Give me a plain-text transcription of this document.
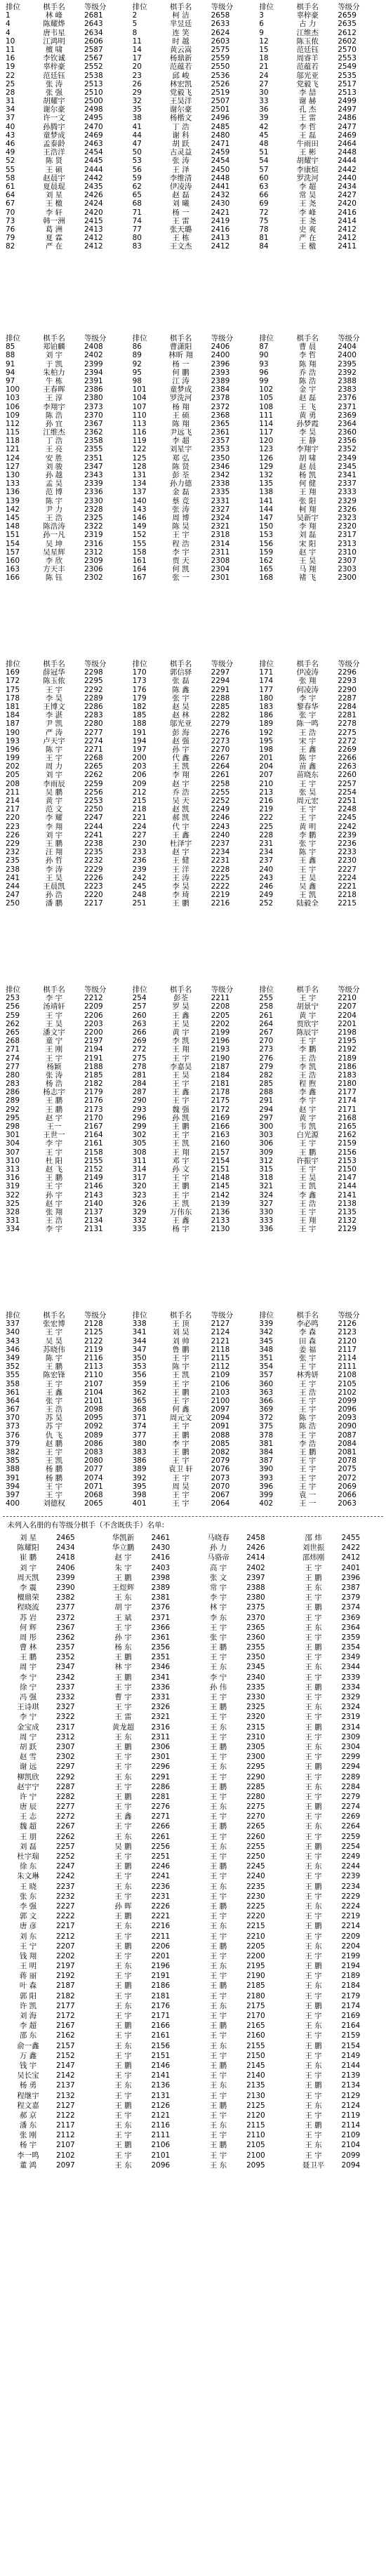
排位	棋手名	等级分
1	林 峰	2681
4	陈耀烨	2643
4	唐韦星	2634
10	江鸿明	2606
11	檀 啸	2587
16	李钦诚	2567
19	辜梓豪	2552
22	范廷钰	2538
25	张 涛	2513
28	张 强	2510
31	胡耀宇	2500
34	谢尔豪	2498
37	许一文	2495
40	孙腾宇	2470
43	童梦成	2469
46	孟泰龄	2463
49	王浩洋	2454
52	陈 贤	2445
55	王 硕	2444
58	赵晨宇	2442
61	夏晨琨	2435
64	刘 星	2426
67	王 檄	2424
70	李 轩	2420
73	韩一洲	2415
76	葛 洲	2413
79	夏 霖	2412
82	严 在	2412
排位	棋手名	等级分
2	柯 洁	2658
5	芈昱廷	2633
8	连 笑	2624
11	时 越	2603
14	黄云嵩	2575
17	杨鼎新	2559
20	范蕴若	2550
23	邱 峻	2536
26	林宏凯	2526
29	党毅飞	2519
32	王昊洋	2507
35	谢尔豪	2501
38	杨楷文	2496
41	丁 浩	2485
44	谢 科	2480
47	胡 跃	2471
50	古灵益	2459
53	张 涛	2454
56	王 泽	2450
59	李维清	2448
62	伊凌涛	2441
65	赵 磊	2432
68	刘 曦	2430
71	杨 一	2421
74	王 雷	2419
77	张天璐	2416
80	王 栋	2413
83	王文杰	2412
排位	棋手名	等级分
3	辜梓豪	2659
6	古 力	2635
9	江维杰	2612
12	陈玉侬	2602
15	范廷钰	2570
18	周睿羊	2553
21	范蕴若	2549
24	邬光亚	2535
27	党毅飞	2517
30	李 喆	2513
33	谢 赫	2499
36	孔 杰	2497
39	王 雷	2486
42	李 哲	2477
45	王 磊	2469
48	牛雨田	2464
51	王 彬	2448
54	胡耀宇	2444
57	李康煊	2442
60	罗洗河	2440
63	李 超	2434
66	常 昊	2427
69	王 尧	2420
72	李 峰	2416
75	王 尧	2414
78	史 爽	2412
81	严 在	2412
84	王 檄	2411
排位	棋手名	等级分
85	郑铂麟	2408
88	刘 宇	2402
91	于 凯	2399
94	朱柏力	2394
97	牛 栋	2391
100	王春晖	2386
103	王 淳	2380
106	李翔宇	2373
109	陈 浩	2370
112	孙 宜	2367
115	江维杰	2362
118	丁 浩	2358
121	王 亮	2355
124	安 胜	2351
127	刘 骏	2347
130	孙 越	2343
133	孟 昊	2339
136	范 博	2336
139	陈 宇	2330
142	尹 力	2328
145	王 浩	2325
148	陈浩涛	2322
151	孙一凡	2319
154	吴 坤	2316
157	吴星辉	2312
160	李 欣	2309
163	方天丰	2306
166	陈 钰	2302
排位	棋手名	等级分
86	曹潇阳	2406
89	林昕 翔	2400
92	杨 一	2396
95	何 鹏	2393
98	江 涛	2389
101	童梦成	2384
104	罗洗河	2378
107	杨 翔	2372
110	王 硕	2368
113	陈 翔	2365
116	尹远飞	2361
119	李 超	2357
122	刘星宇	2353
125	郑 弘	2350
128	陈 贤	2346
131	彭 荃	2342
134	孙力德	2338
137	金 磊	2335
140	蔡 竞	2331
143	张 涛	2327
146	周 博	2324
149	陈 昊	2321
152	王 宇	2318
155	程 浩	2314
158	李 宇	2311
161	贾 天	2308
164	何 凯	2304
167	张 一	2301
排位	棋手名	等级分
87	曹 晨	2404
90	李 哲	2400
93	陈 翔	2395
96	乔 浩	2392
99	陈 浩	2388
102	金 宇	2383
105	赵 磊	2376
108	王 飞	2371
111	黄 勇	2369
114	孙梦霞	2364
117	李 昊	2360
120	王 静	2356
123	李翔宇	2352
126	胡 啸	2349
129	赵 晨	2345
132	杨 凯	2341
135	何 健	2337
138	王 翔	2333
141	张 阳	2329
144	柯 翔	2326
147	吴新宇	2323
150	李 翔	2320
153	刘 磊	2317
156	宋 阳	2313
159	赵 宇	2310
162	王 昊	2307
165	马 翔	2303
168	褚 飞	2300
排位	棋手名	等级分
169	薛冠华	2298
172	陈玉侬	2295
175	王 宇	2292
178	李 昊	2289
181	王博文	2286
184	李 湛	2283
187	尹 凯	2280
190	严 涛	2277
193	卢天宇	2274
196	陈 宇	2271
199	王 宇	2268
202	周 力	2265
205	刘 宇	2262
208	李雨辰	2259
211	吴 鹏	2256
214	黄 宇	2253
217	范 文	2250
220	李 耀	2247
223	李 翔	2244
226	刘 宇	2241
229	王 鹏	2238
232	汪 翔	2235
235	孙 哲	2232
238	李 涛	2229
241	王 昊	2226
244	王晨凯	2223
247	孙 浩	2220
250	潘 鹏	2217
排位	棋手名	等级分
170	郭信驿	2297
173	张 磊	2294
176	陈 鑫	2291
179	张 宇	2288
182	赵 昊	2285
185	赵 林	2282
188	邬光亚	2279
191	彭 海	2276
194	赵 强	2273
197	孙 宇	2270
200	代 鑫	2267
203	王 凯	2264
206	李 翔	2261
209	赵 宇	2258
212	乔 浩	2255
215	吴 天	2252
218	赵 凯	2249
221	郝 凯	2246
224	代 宇	2243
227	王 鑫	2240
230	杜泽宇	2237
233	赵 宇	2234
236	王 健	2231
239	王 洋	2228
242	王 涛	2225
245	李 昊	2222
248	李 琦	2219
251	王 鹏	2216
排位	棋手名	等级分
171	伊凌涛	2296
174	张 翔	2293
177	何凌涛	2290
180	李 宇	2287
183	黎春华	2284
186	张 宇	2281
189	陈一鸣	2278
192	王 浩	2275
195	宋 宇	2272
198	王 鑫	2269
201	陈 宇	2266
204	苗 鑫	2263
207	苗晓东	2260
210	王 宇	2257
213	张 昊	2254
216	周元宏	2251
219	王 宇	2248
222	王 宇	2245
225	黄 明	2242
228	李 鹏	2239
231	张 宇	2236
234	陈 宇	2233
237	王 鑫	2230
240	王 宇	2227
243	王 昊	2224
246	吴 鑫	2221
249	王 凯	2218
252	陆毅全	2215
排位	棋手名	等级分
253	李 宇	2212
256	汤靖轩	2209
259	王 宇	2206
262	王 昊	2203
265	潘文宇	2200
268	童 宁	2197
271	王 刚	2194
274	王 宇	2191
277	杨颖	2188
280	张 涛	2185
283	杨 浩	2182
286	杨志宇	2179
289	王 鹏	2176
292	王 鹏	2173
295	赵 宇	2170
298	王一	2167
301	王世一	2164
304	李 宇	2161
307	王 宇	2158
310	杜 阳	2155
313	赵 飞	2152
316	王 鹏	2149
319	王 宇	2146
322	孙 宇	2143
325	赵 宇	2140
328	张 翔	2137
331	王 浩	2134
334	李 宇	2131
排位	棋手名	等级分
254	彭荃	2211
257	罗 昊	2208
260	王 鑫	2205
263	王 昊	2202
266	黄 宇	2199
269	李 凯	2196
272	王 翔	2193
275	王 宇	2190
278	李嘉昊	2187
281	王 昊	2184
284	王 宇	2181
287	王 鑫	2178
290	王 宇	2175
293	魏 强	2172
296	孙 凯	2169
299	王 鹏	2166
302	王 宇	2163
305	王 凯	2160
308	王 翔	2157
311	邓 宇	2154
314	孙 文	2151
317	王 宇	2148
320	王 鹏	2145
323	王 宇	2142
326	王 凯	2139
329	万伟东	2136
332	王 鑫	2133
335	杨 宇	2130
排位	棋手名	等级分
255	王 宇	2210
258	胡景宁	2207
261	黄 宇	2204
264	贾欣宇	2201
267	陈辰宇	2198
270	王 宇	2195
273	李 鹏	2192
276	王 浩	2189
279	李 凯	2186
282	王 浩	2183
285	程 煦	2180
288	李 鑫	2177
291	李 宇	2174
294	赵 宇	2171
297	黄 宇	2168
300	韦 凯	2165
303	白光源	2162
306	王 宇	2159
309	王 鹏	2156
312	许振宇	2153
315	王 宇	2150
318	王 昊	2147
321	王 凯	2144
324	李 鑫	2141
327	王 浩	2138
330	王 宇	2135
333	王 翔	2132
336	王 宇	2129
排位	棋手名	等级分
337	张宏博	2128
340	王 宇	2125
343	吴 昊	2122
346	苏晓伟	2119
349	陈 宇	2116
352	王 鹏	2113
355	陈宏锋	2110
358	王 宇	2107
361	王 鑫	2104
364	张 宇	2101
367	王 浩	2098
370	苏 昊	2095
373	苏 宇	2092
376	仇 飞	2089
379	赵 鹏	2086
382	王 宇	2083
385	王 凯	2080
388	杨 鹏	2077
391	杨 鹏	2074
394	王 宇	2071
397	王 宇	2068
400	刘德权	2065
排位	棋手名	等级分
338	王 顶	2127
341	刘 昊	2124
344	刘 帅	2121
347	鲁 鹏	2118
350	王 宇	2115
353	陈 宇	2112
356	王 凯	2109
359	王 宇	2106
362	王 鹏	2103
365	王 宇	2100
368	何 鑫	2097
371	周元文	2094
374	王 宇	2091
377	王 鹏	2088
380	李 宇	2085
383	王 鹏	2082
386	王 宇	2079
389	袁卫 轩	2076
392	王 宇	2073
395	周 昊	2070
398	王 宇	2067
401	王 宇	2064
排位	棋手名	等级分
339	李必鸣	2126
342	李 森	2123
345	田 森	2120
348	姜 福	2117
351	张 宇	2114
354	王 宇	2111
357	林秀妍	2108
360	王 宇	2105
363	王 浩	2102
366	王 宇	2099
369	王 宇	2096
372	陈 宇	2093
375	陈 浩	2090
378	王 宇	2087
381	李 浩	2084
384	王 鹏	2081
387	王 宇	2078
390	王 宇	2075
393	王 宇	2072
396	王 宇	2069
399	袁 一	2066
402	王 一	2063
未列入名册的有等级分棋手（不含既佚手）名单:
刘 星	2465
陈耀阳	2434
崔 鹏	2418
刘 宇	2406
周天凯	2399
李 震	2390
檀鼎荣	2382
程晓流	2377
苏 岩	2372
何 辉	2367
周 彤	2362
曹 林	2357
王 鹏	2352
周 宇	2347
李 宁	2342
徐 宁	2337
冯 强	2332
王诗琪	2327
李 宁	2322
金宝成	2317
周 宁	2312
胡 跃	2307
赵 雪	2302
谢 远	2297
柳凯欣	2292
赵宇宁	2287
许 宁	2282
唐 辰	2277
王 志	2272
魏 超	2267
王 朋	2262
刘 磊	2257
杜宇瑞	2252
徐 东	2247
朱文琳	2242
王 晓	2237
张 东	2232
李 强	2227
郭 文	2222
唐 彦	2217
刘 东	2212
王 宁	2207
钱 翔	2202
王 明	2197
蒋 丽	2192
叶 森	2187
郭 阳	2182
许 凯	2177
刘 海	2172
李 超	2167
邵 东	2162
俞一鑫	2157
万 鑫	2152
钱 宇	2147
吴长宝	2142
杨 勇	2137
程继宇	2132
程文嘉	2127
郝 京	2122
潘 东	2117
张 刚	2112
杨 宇	2107
李一鸣	2102
董 鸿	2097
华凯新	2461
华立鹏	2430
赵 宇	2416
朱 宇	2403
王 鹏	2398
王煜辉	2389
王 东	2381
胡 宇	2376
王 斌	2371
王 宇	2366
孙 宇	2361
杨 东	2356
王 鹏	2351
林 宇	2346
王 鹏	2341
王 宇	2336
曹 宇	2331
王 宇	2326
王 雷	2321
黄龙超	2316
王 东	2311
王 鹏	2306
王 宇	2301
王 宇	2296
王 东	2291
王 宇	2286
王 鹏	2281
王 宇	2276
王 鑫	2271
王 宇	2266
王 东	2261
吴 鹏	2256
王 宇	2251
王 鹏	2246
王 宇	2241
王 东	2236
王 宇	2231
孙 晖	2226
王 鹏	2221
王 东	2216
王 宇	2211
王 鹏	2206
王 宇	2201
王 东	2196
王 宇	2191
王 鹏	2186
王 宇	2181
王 东	2176
王 宇	2171
王 鹏	2166
王 宇	2161
王 东	2156
王 宇	2151
王 鹏	2146
王 宇	2141
王 东	2136
王 宇	2131
王 鹏	2126
王 宇	2121
王 东	2116
王 宇	2111
王 鹏	2106
王 宇	2101
王 东	2096
马晓春	2458
孙 力	2426
马骆帝	2414
高 宇	2402
张 文	2397
常 宇	2388
李 宇	2380
林 宇	2375
李 东	2370
王 宇	2365
张 宇	2360
王 鹏	2355
王 宇	2350
王 东	2345
李 宁	2340
孙 伟	2335
王 宇	2330
王 鹏	2325
王 宇	2320
王 东	2315
王 宇	2310
王 鹏	2305
王 宇	2300
王 东	2295
王 宇	2290
王 鹏	2285
王 宇	2280
王 东	2275
王 宇	2270
王 鹏	2265
王 宇	2260
王 东	2255
王 宇	2250
王 鹏	2245
王 宇	2240
王 东	2235
王 宇	2230
王 鹏	2225
王 宇	2220
王 东	2215
王 宇	2210
王 鹏	2205
王 宇	2200
王 东	2195
王 宇	2190
王 鹏	2185
王 宇	2180
王 东	2175
王 宇	2170
王 鹏	2165
王 宇	2160
王 东	2155
王 宇	2150
王 鹏	2145
王 宇	2140
王 东	2135
王 宇	2130
王 鹏	2125
王 宇	2120
王 东	2115
王 宇	2110
王 鹏	2105
王 宇	2100
王 东	2095
邵 炜	2455
刘世振	2422
邵炜刚	2412
王 宇	2401
王 鹏	2396
王 东	2387
王 宇	2379
王 鹏	2374
王 宇	2369
王 东	2364
王 宇	2359
王 鹏	2354
王 宇	2349
王 东	2344
王 宇	2339
王 鹏	2334
王 宇	2329
王 东	2324
王 宇	2319
王 鹏	2314
王 宇	2309
王 东	2304
王 宇	2299
王 鹏	2294
王 宇	2289
王 东	2284
王 宇	2279
王 鹏	2274
王 宇	2269
王 东	2264
王 宇	2259
王 鹏	2254
王 宇	2249
王 东	2244
王 宇	2239
王 鹏	2234
王 宇	2229
王 东	2224
王 宇	2219
王 鹏	2214
王 宇	2209
王 东	2204
王 宇	2199
王 鹏	2194
王 宇	2189
王 东	2184
王 宇	2179
王 鹏	2174
王 宇	2169
王 东	2164
王 宇	2159
王 鹏	2154
王 宇	2149
王 东	2144
王 宇	2139
王 鹏	2134
王 宇	2129
王 东	2124
王 宇	2119
王 鹏	2114
王 宇	2109
王 东	2104
王 宇	2099
聂卫平	2094
